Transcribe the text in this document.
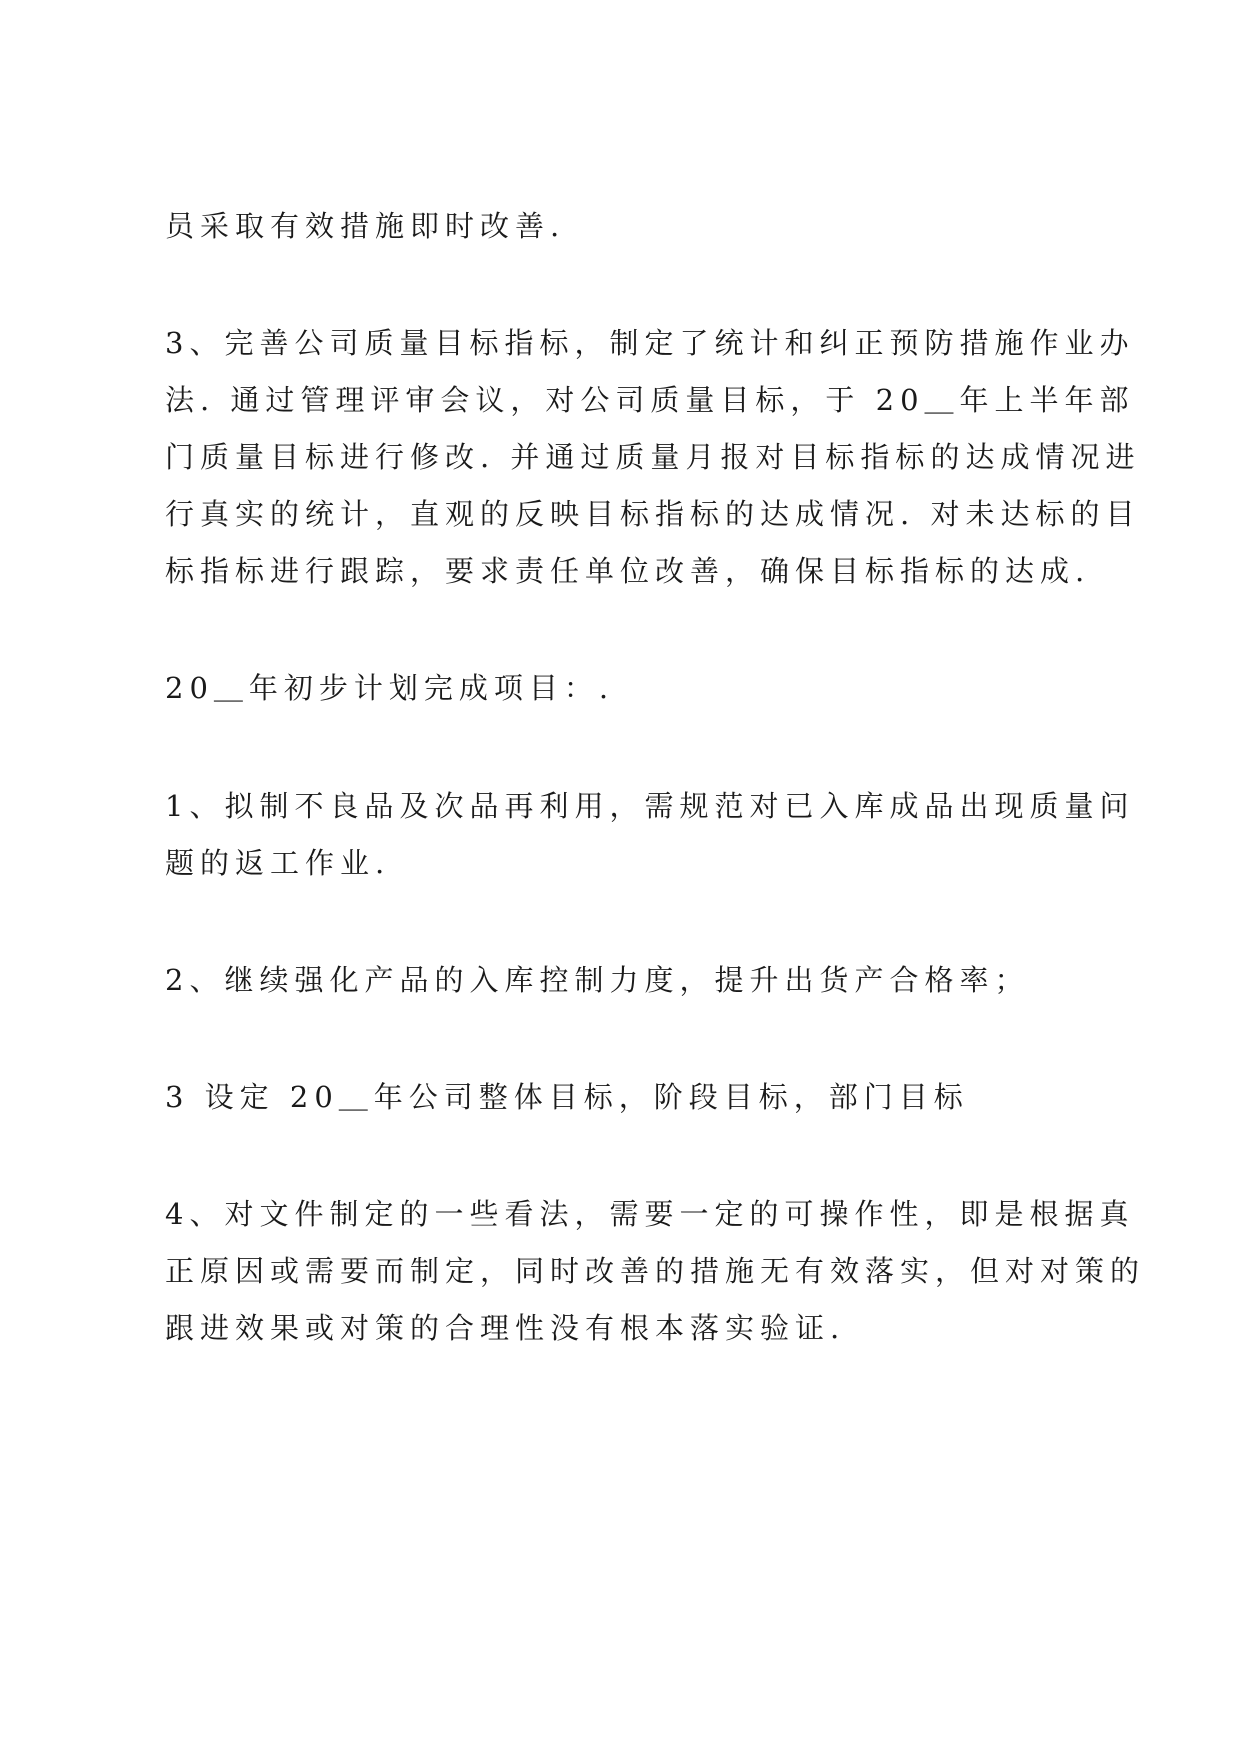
员采取有效措施即时改善.
3、完善公司质量目标指标，制定了统计和纠正预防措施作业办
法. 通过管理评审会议，对公司质量目标，于 20＿年上半年部
门质量目标进行修改. 并通过质量月报对目标指标的达成情况进
行真实的统计，直观的反映目标指标的达成情况. 对未达标的目
标指标进行跟踪，要求责任单位改善，确保目标指标的达成.
20＿年初步计划完成项目：.
1、拟制不良品及次品再利用，需规范对已入库成品出现质量问
题的返工作业.
2、继续强化产品的入库控制力度，提升出货产合格率；
3 设定 20＿年公司整体目标，阶段目标，部门目标
4、对文件制定的一些看法，需要一定的可操作性，即是根据真
正原因或需要而制定，同时改善的措施无有效落实，但对对策的
跟进效果或对策的合理性没有根本落实验证.
